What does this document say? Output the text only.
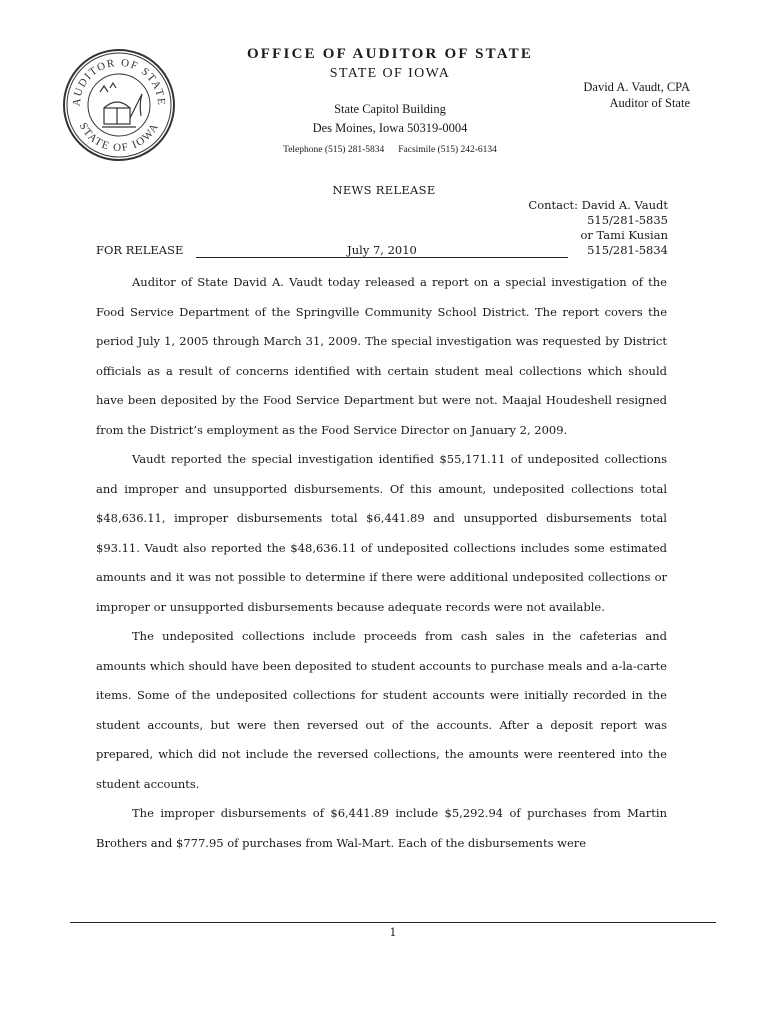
AUDITOR OF STATE
STATE OF IOWA
OFFICE OF AUDITOR OF STATE
STATE OF IOWA
State Capitol Building
Des Moines, Iowa 50319-0004
Telephone (515) 281-5834 Facsimile (515) 242-6134
David A. Vaudt, CPA
Auditor of State
NEWS RELEASE
Contact: David A. Vaudt
515/281-5835
or Tami Kusian
515/281-5834
FOR RELEASE	July 7, 2010

Auditor of State David A. Vaudt today released a report on a special investigation of the Food Service Department of the Springville Community School District. The report covers the period July 1, 2005 through March 31, 2009. The special investigation was requested by District officials as a result of concerns identified with certain student meal collections which should have been deposited by the Food Service Department but were not. Maajal Houdeshell resigned from the District’s employment as the Food Service Director on January 2, 2009.

Vaudt reported the special investigation identified $55,171.11 of undeposited collections and improper and unsupported disbursements. Of this amount, undeposited collections total $48,636.11, improper disbursements total $6,441.89 and unsupported disbursements total $93.11. Vaudt also reported the $48,636.11 of undeposited collections includes some estimated amounts and it was not possible to determine if there were additional undeposited collections or improper or unsupported disbursements because adequate records were not available.

The undeposited collections include proceeds from cash sales in the cafeterias and amounts which should have been deposited to student accounts to purchase meals and a-la-carte items. Some of the undeposited collections for student accounts were initially recorded in the student accounts, but were then reversed out of the accounts. After a deposit report was prepared, which did not include the reversed collections, the amounts were reentered into the student accounts.

The improper disbursements of $6,441.89 include $5,292.94 of purchases from Martin Brothers and $777.95 of purchases from Wal-Mart. Each of the disbursements were

1
